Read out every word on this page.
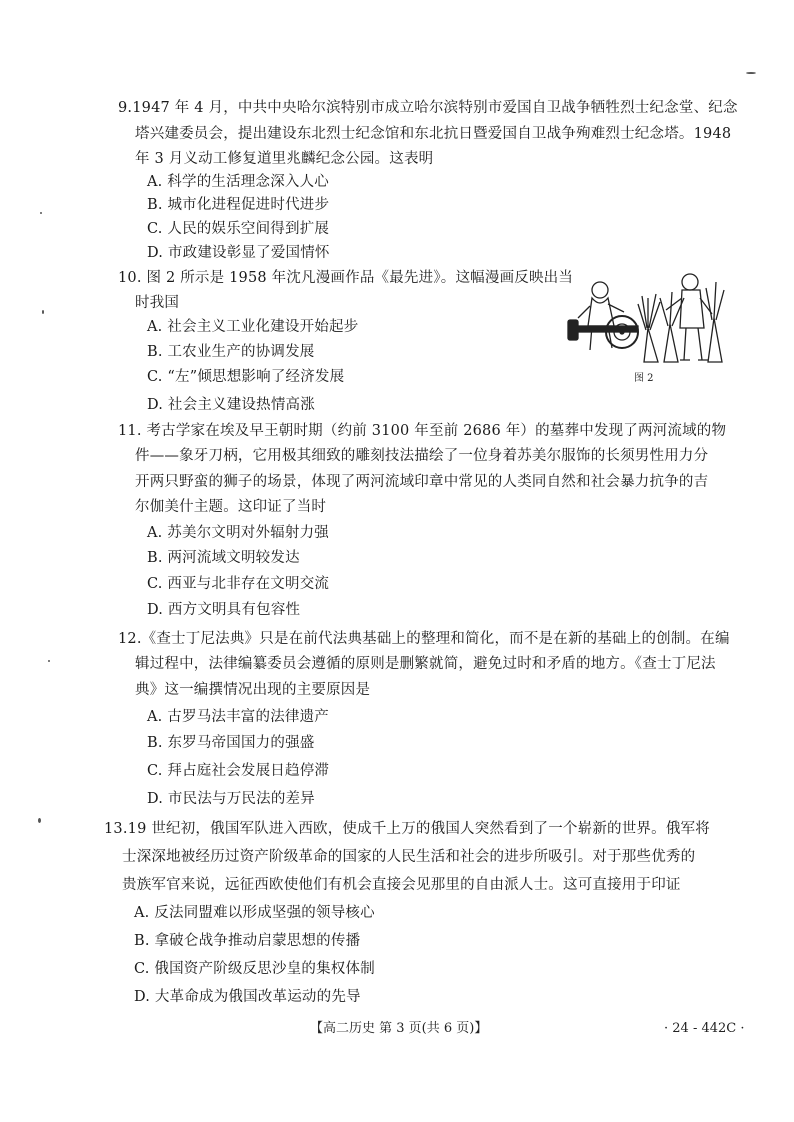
9.1947 年 4 月，中共中央哈尔滨特别市成立哈尔滨特别市爱国自卫战争牺牲烈士纪念堂、纪念
塔兴建委员会，提出建设东北烈士纪念馆和东北抗日暨爱国自卫战争殉难烈士纪念塔。1948
年 3 月义动工修复道里兆麟纪念公园。这表明
A. 科学的生活理念深入人心
B. 城市化进程促进时代进步
C. 人民的娱乐空间得到扩展
D. 市政建设彰显了爱国情怀
10. 图 2 所示是 1958 年沈凡漫画作品《最先进》。这幅漫画反映出当
时我国
A. 社会主义工业化建设开始起步
B. 工农业生产的协调发展
C. “左”倾思想影响了经济发展
D. 社会主义建设热情高涨
图 2
11. 考古学家在埃及早王朝时期（约前 3100 年至前 2686 年）的墓葬中发现了两河流域的物
件——象牙刀柄，它用极其细致的雕刻技法描绘了一位身着苏美尔服饰的长须男性用力分
开两只野蛮的狮子的场景，体现了两河流域印章中常见的人类同自然和社会暴力抗争的吉
尔伽美什主题。这印证了当时
A. 苏美尔文明对外辐射力强
B. 两河流域文明较发达
C. 西亚与北非存在文明交流
D. 西方文明具有包容性
12.《查士丁尼法典》只是在前代法典基础上的整理和简化，而不是在新的基础上的创制。在编
辑过程中，法律编纂委员会遵循的原则是删繁就简，避免过时和矛盾的地方。《查士丁尼法
典》这一编撰情况出现的主要原因是
A. 古罗马法丰富的法律遗产
B. 东罗马帝国国力的强盛
C. 拜占庭社会发展日趋停滞
D. 市民法与万民法的差异
13.19 世纪初，俄国军队进入西欧，使成千上万的俄国人突然看到了一个崭新的世界。俄军将
士深深地被经历过资产阶级革命的国家的人民生活和社会的进步所吸引。对于那些优秀的
贵族军官来说，远征西欧使他们有机会直接会见那里的自由派人士。这可直接用于印证
A. 反法同盟难以形成坚强的领导核心
B. 拿破仑战争推动启蒙思想的传播
C. 俄国资产阶级反思沙皇的集权体制
D. 大革命成为俄国改革运动的先导
【高二历史 第 3 页(共 6 页)】	· 24 - 442C ·
